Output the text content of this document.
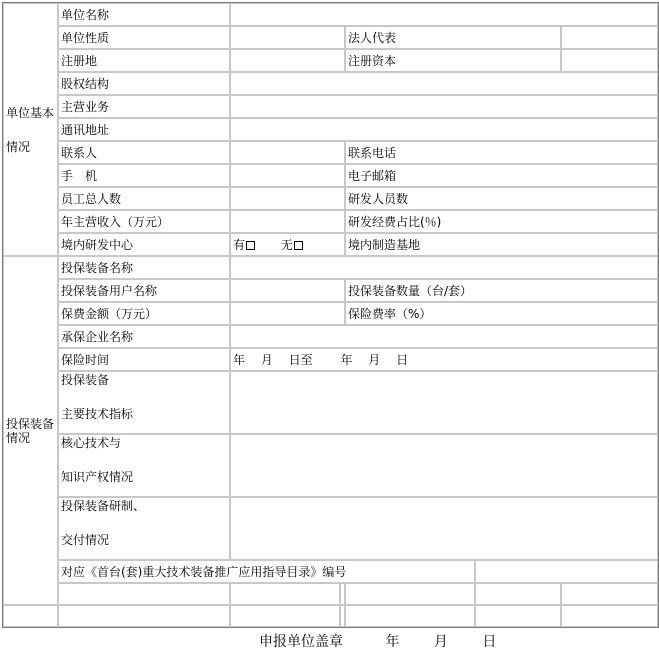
单位基本
情况	单位名称						
	单位性质			法人代表			
	注册地			注册资本			
	股权结构						
	主营业务						
	通讯地址						
	联系人			联系电话			
	手　机			电子邮箱			
	员工总人数			研发人员数			
	年主营收入（万元）			研发经费占比(％)			
	境内研发中心	有 无		境内制造基地	
投保装备
情况	投保装备名称						
	投保装备用户名称			投保装备数量（台/套）			
	保费金额（万元）			保险费率（%）			
	承保企业名称						
	保险时间	年　 月　 日至　　 年　 月　 日					
	投保装备
主要技术指标						
	核心技术与
知识产权情况						
	投保装备研制、
交付情况						
	对应《首台(套)重大技术装备推广应用指导目录》编号						

申报单位盖章	年 月 日
